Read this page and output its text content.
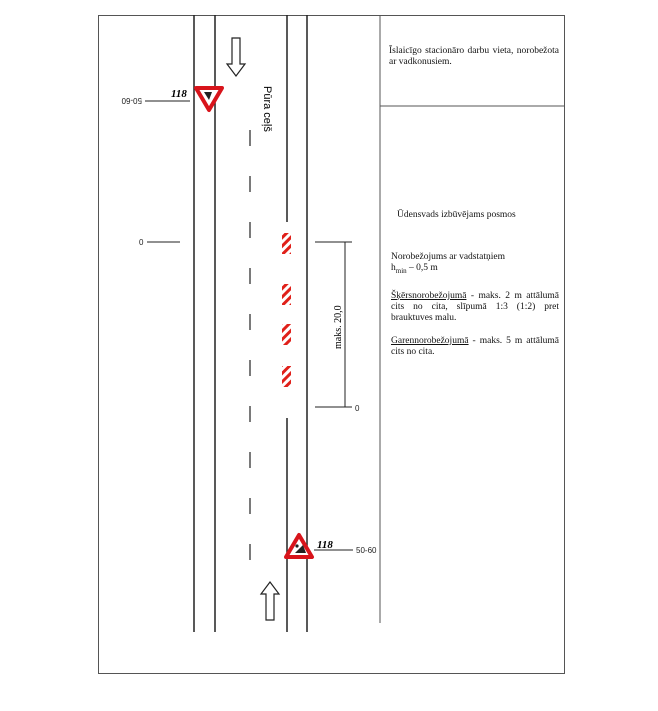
118
50-60
118	50-60
Pūra ceļš
0
maks. 20,0
0
Īslaicīgo stacionāro darbu vieta, norobežota ar vadkonusiem.
Ūdensvads izbūvējams posmos
Norobežojums ar vadstatņiem
$h_{min} - 0,5$ m
Šķērsnorobežojumā - maks. 2 m attālumā cits no cita, slīpumā 1:3 (1:2) pret brauktuves malu.
Garennorobežojumā - maks. 5 m attālumā cits no cita.
